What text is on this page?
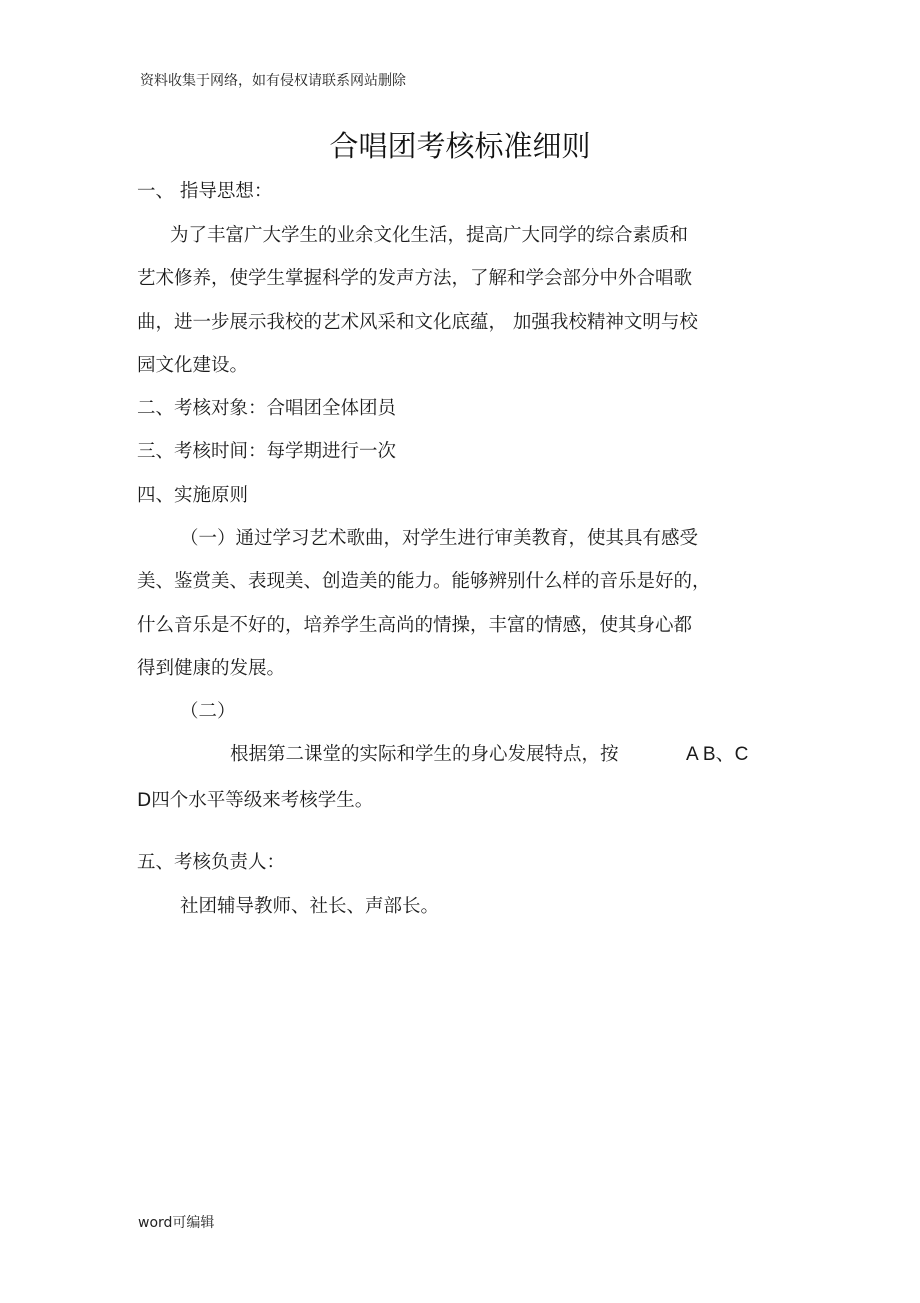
资料收集于网络，如有侵权请联系网站删除
合唱团考核标准细则
一、 指导思想：
为了丰富广大学生的业余文化生活，提高广大同学的综合素质和
艺术修养，使学生掌握科学的发声方法，了解和学会部分中外合唱歌
曲，进一步展示我校的艺术风采和文化底蕴， 加强我校精神文明与校
园文化建设。
二、考核对象：合唱团全体团员
三、考核时间：每学期进行一次
四、实施原则
（一）通过学习艺术歌曲，对学生进行审美教育，使其具有感受
美、鉴赏美、表现美、创造美的能力。能够辨别什么样的音乐是好的，
什么音乐是不好的，培养学生高尚的情操，丰富的情感，使其身心都
得到健康的发展。
（二）
根据第二课堂的实际和学生的身心发展特点，按	A B、C
D四个水平等级来考核学生。
五、考核负责人：
社团辅导教师、社长、声部长。
word可编辑
